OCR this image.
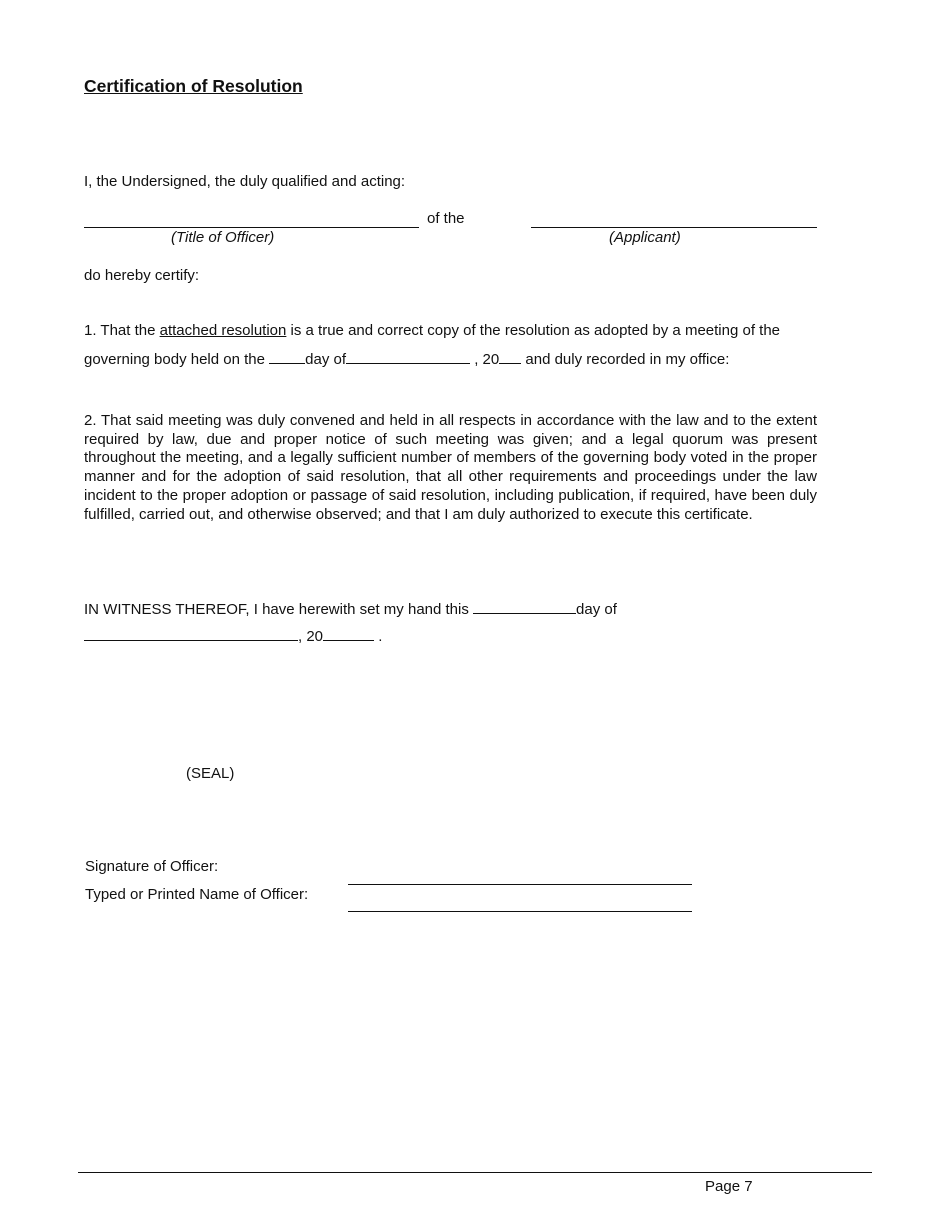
Certification of Resolution
I, the Undersigned, the duly qualified and acting:
of the
(Title of Officer)	(Applicant)
do hereby certify:
1. That the attached resolution is a true and correct copy of the resolution as adopted by a meeting of the
governing body held on the day of	, 20 and duly recorded in my office:
2. That said meeting was duly convened and held in all respects in accordance with the law and to the extent required by law, due and proper notice of such meeting was given; and a legal quorum was present throughout the meeting, and a legally sufficient number of members of the governing body voted in the proper manner and for the adoption of said resolution, that all other requirements and proceedings under the law incident to the proper adoption or passage of said resolution, including publication, if required, have been duly fulfilled, carried out, and otherwise observed; and that I am duly authorized to execute this certificate.
IN WITNESS THEREOF, I have herewith set my hand this	day of
, 20	.
(SEAL)
Signature of Officer:
Typed or Printed Name of Officer:
Page 7
